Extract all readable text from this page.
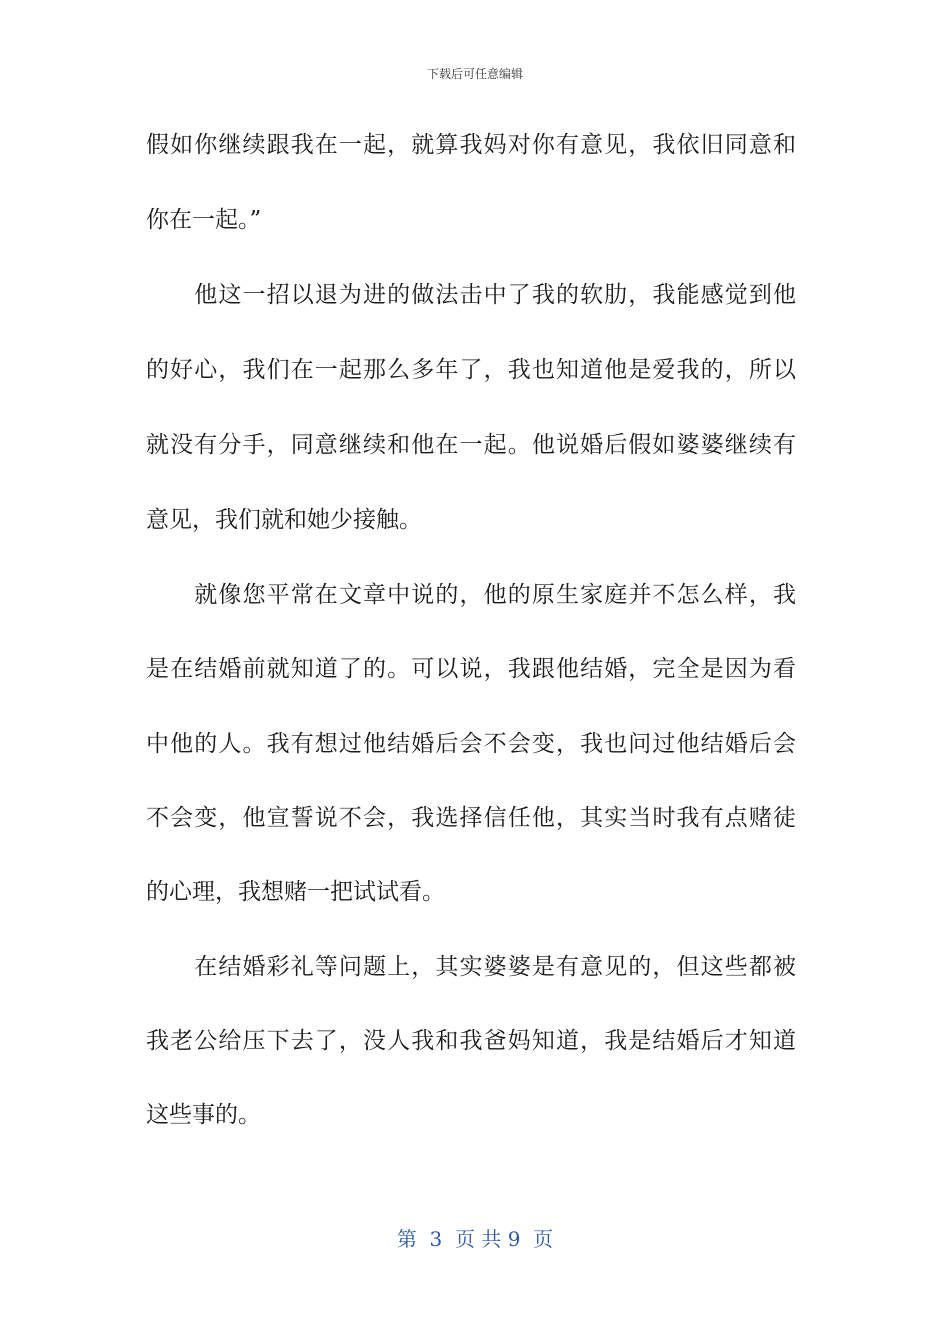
下载后可任意编辑
假如你继续跟我在一起，就算我妈对你有意见，我依旧同意和
你在一起。”
　　他这一招以退为进的做法击中了我的软肋，我能感觉到他
的好心，我们在一起那么多年了，我也知道他是爱我的，所以
就没有分手，同意继续和他在一起。他说婚后假如婆婆继续有
意见，我们就和她少接触。
　　就像您平常在文章中说的，他的原生家庭并不怎么样，我
是在结婚前就知道了的。可以说，我跟他结婚，完全是因为看
中他的人。我有想过他结婚后会不会变，我也问过他结婚后会
不会变，他宣誓说不会，我选择信任他，其实当时我有点赌徒
的心理，我想赌一把试试看。
　　在结婚彩礼等问题上，其实婆婆是有意见的，但这些都被
我老公给压下去了，没人我和我爸妈知道，我是结婚后才知道
这些事的。
第  3  页 共 9  页
